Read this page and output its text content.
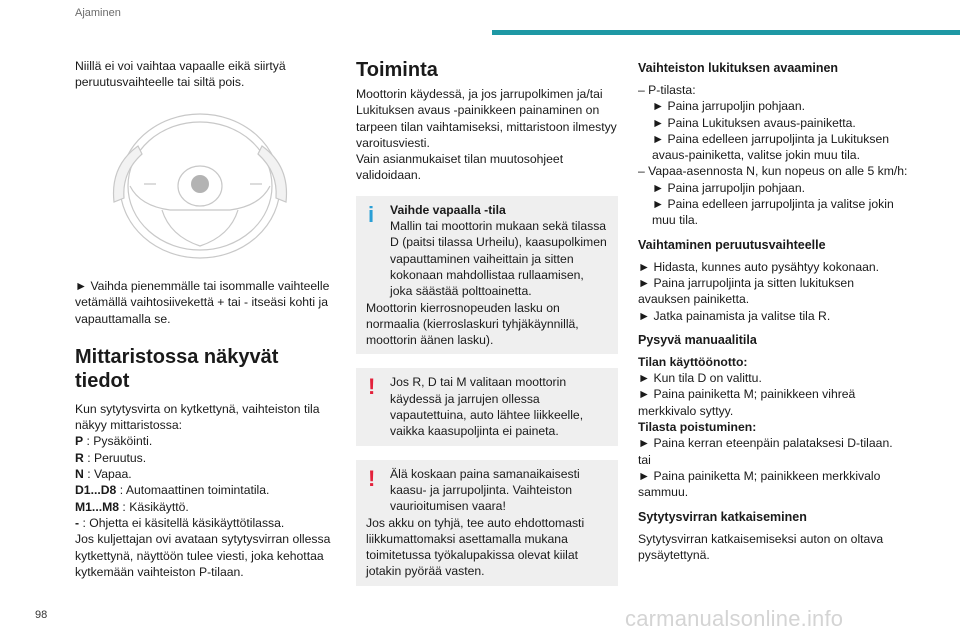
Ajaminen

Niillä ei voi vaihtaa vapaalle eikä siirtyä peruutusvaihteelle tai siltä pois.

► Vaihda pienemmälle tai isommalle vaihteelle vetämällä vaihtosiivekettä + tai - itseäsi kohti ja vapauttamalla se.

Mittaristossa näkyvät tiedot

Kun sytytysvirta on kytkettynä, vaihteiston tila näkyy mittaristossa:

P : Pysäköinti.

R : Peruutus.

N : Vapaa.

D1...D8 : Automaattinen toimintatila.

M1...M8 : Käsikäyttö.

- : Ohjetta ei käsitellä käsikäyttötilassa.

Jos kuljettajan ovi avataan sytytysvirran ollessa kytkettynä, näyttöön tulee viesti, joka kehottaa kytkemään vaihteiston P-tilaan.

Toiminta

Moottorin käydessä, ja jos jarrupolkimen ja/tai Lukituksen avaus -painikkeen painaminen on tarpeen tilan vaihtamiseksi, mittaristoon ilmestyy varoitusviesti.

Vain asianmukaiset tilan muutosohjeet validoidaan.

i	Vaihde vapaalla -tila

Mallin tai moottorin mukaan sekä tilassa D (paitsi tilassa Urheilu), kaasupolkimen vapauttaminen vaiheittain ja sitten kokonaan mahdollistaa rullaamisen, joka säästää polttoainetta.

Moottorin kierrosnopeuden lasku on normaalia (kierroslaskuri tyhjäkäynnillä, moottorin äänen lasku).

!	Jos R, D tai M valitaan moottorin käydessä ja jarrujen ollessa vapautettuina, auto lähtee liikkeelle, vaikka kaasupoljinta ei paineta.

!	Älä koskaan paina samanaikaisesti kaasu- ja jarrupoljinta. Vaihteiston vaurioitumisen vaara!

Jos akku on tyhjä, tee auto ehdottomasti liikkumattomaksi asettamalla mukana toimitetussa työkalupakissa olevat kiilat jotakin pyörää vasten.

Vaihteiston lukituksen avaaminen

– P-tilasta:

► Paina jarrupoljin pohjaan.

► Paina Lukituksen avaus-painiketta.

► Paina edelleen jarrupoljinta ja Lukituksen avaus-painiketta, valitse jokin muu tila.

– Vapaa-asennosta N, kun nopeus on alle 5 km/h:

► Paina jarrupoljin pohjaan.

► Paina edelleen jarrupoljinta ja valitse jokin muu tila.

Vaihtaminen peruutusvaihteelle

► Hidasta, kunnes auto pysähtyy kokonaan.

► Paina jarrupoljinta ja sitten lukituksen avauksen painiketta.

► Jatka painamista ja valitse tila R.

Pysyvä manuaalitila

Tilan käyttöönotto:

► Kun tila D on valittu.

► Paina painiketta M; painikkeen vihreä merkkivalo syttyy.

Tilasta poistuminen:

► Paina kerran eteenpäin palataksesi D-tilaan.

tai

► Paina painiketta M; painikkeen merkkivalo sammuu.

Sytytysvirran katkaiseminen

Sytytysvirran katkaisemiseksi auton on oltava pysäytettynä.

98	carmanualsonline.info
